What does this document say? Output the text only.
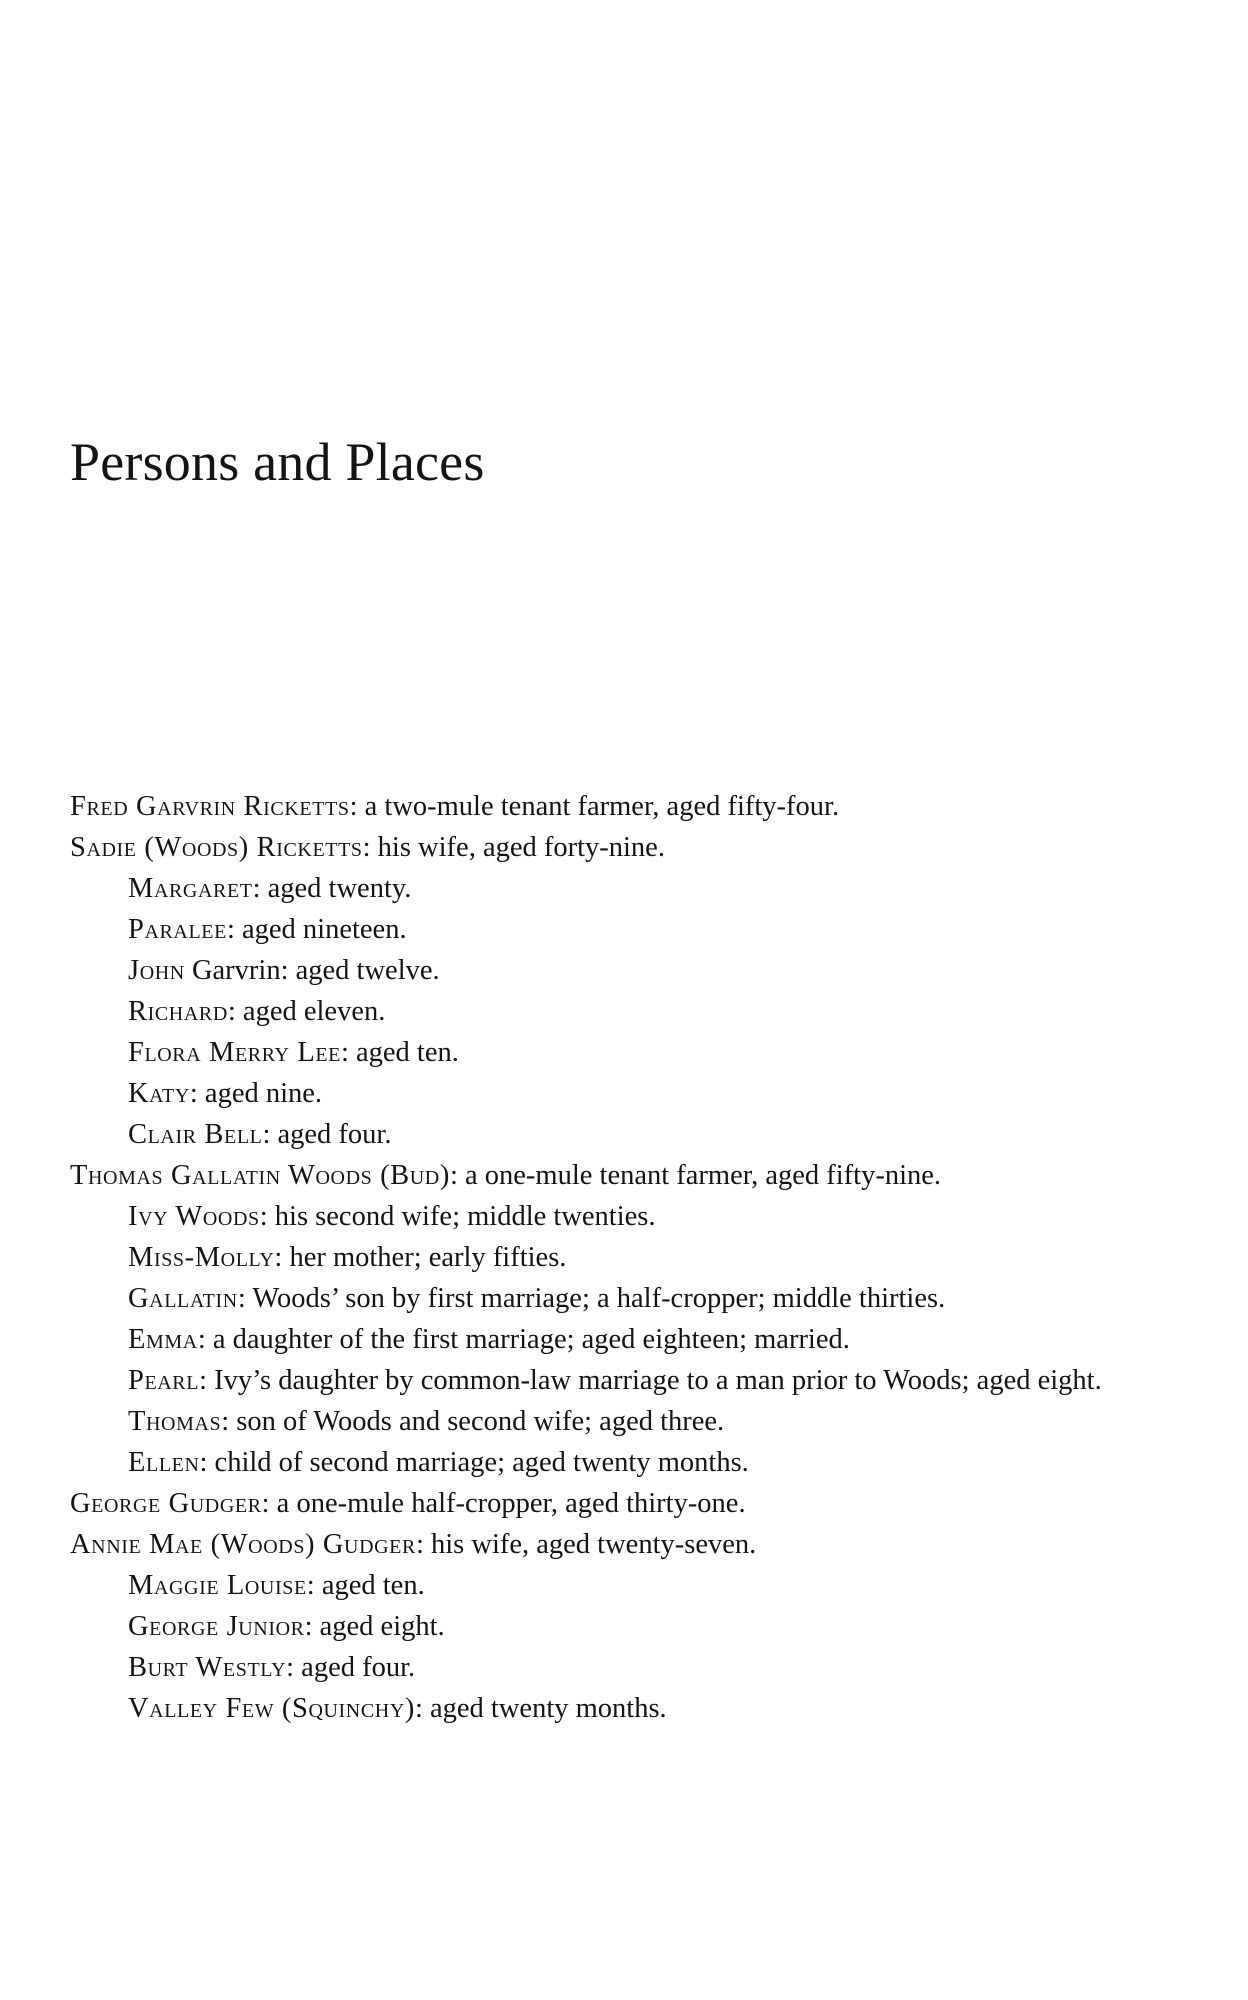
Persons and Places
Fred Garvrin Ricketts: a two-mule tenant farmer, aged fifty-four.
Sadie (Woods) Ricketts: his wife, aged forty-nine.
Margaret: aged twenty.
Paralee: aged nineteen.
John Garvrin: aged twelve.
Richard: aged eleven.
Flora Merry Lee: aged ten.
Katy: aged nine.
Clair Bell: aged four.
Thomas Gallatin Woods (Bud): a one-mule tenant farmer, aged fifty-nine.
Ivy Woods: his second wife; middle twenties.
Miss-Molly: her mother; early fifties.
Gallatin: Woods’ son by first marriage; a half-cropper; middle thirties.
Emma: a daughter of the first marriage; aged eighteen; married.
Pearl: Ivy’s daughter by common-law marriage to a man prior to Woods; aged eight.
Thomas: son of Woods and second wife; aged three.
Ellen: child of second marriage; aged twenty months.
George Gudger: a one-mule half-cropper, aged thirty-one.
Annie Mae (Woods) Gudger: his wife, aged twenty-seven.
Maggie Louise: aged ten.
George Junior: aged eight.
Burt Westly: aged four.
Valley Few (Squinchy): aged twenty months.
